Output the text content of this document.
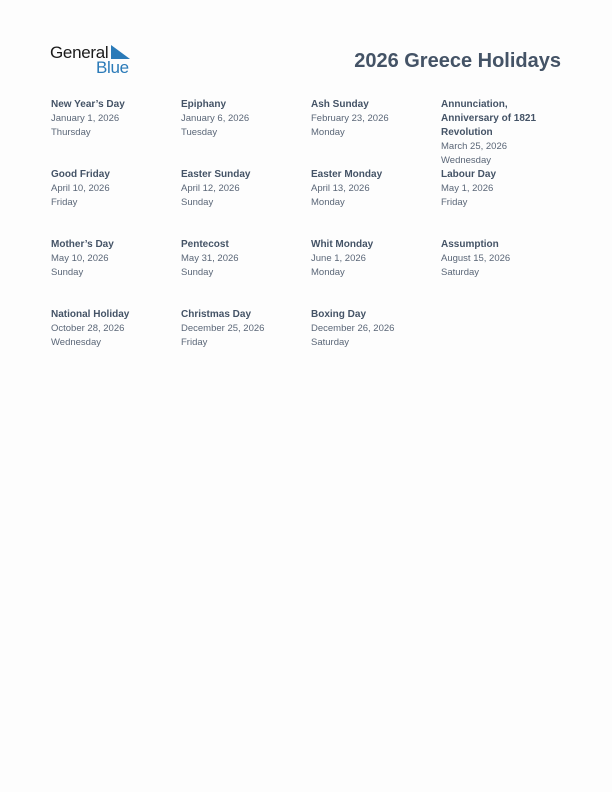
General
Blue	2026 Greece Holidays
New Year’s Day
January 1, 2026
Thursday
Epiphany
January 6, 2026
Tuesday
Ash Sunday
February 23, 2026
Monday
Annunciation, Anniversary of 1821 Revolution
March 25, 2026
Wednesday
Good Friday
April 10, 2026
Friday
Easter Sunday
April 12, 2026
Sunday
Easter Monday
April 13, 2026
Monday
Labour Day
May 1, 2026
Friday
Mother’s Day
May 10, 2026
Sunday
Pentecost
May 31, 2026
Sunday
Whit Monday
June 1, 2026
Monday
Assumption
August 15, 2026
Saturday
National Holiday
October 28, 2026
Wednesday
Christmas Day
December 25, 2026
Friday
Boxing Day
December 26, 2026
Saturday
